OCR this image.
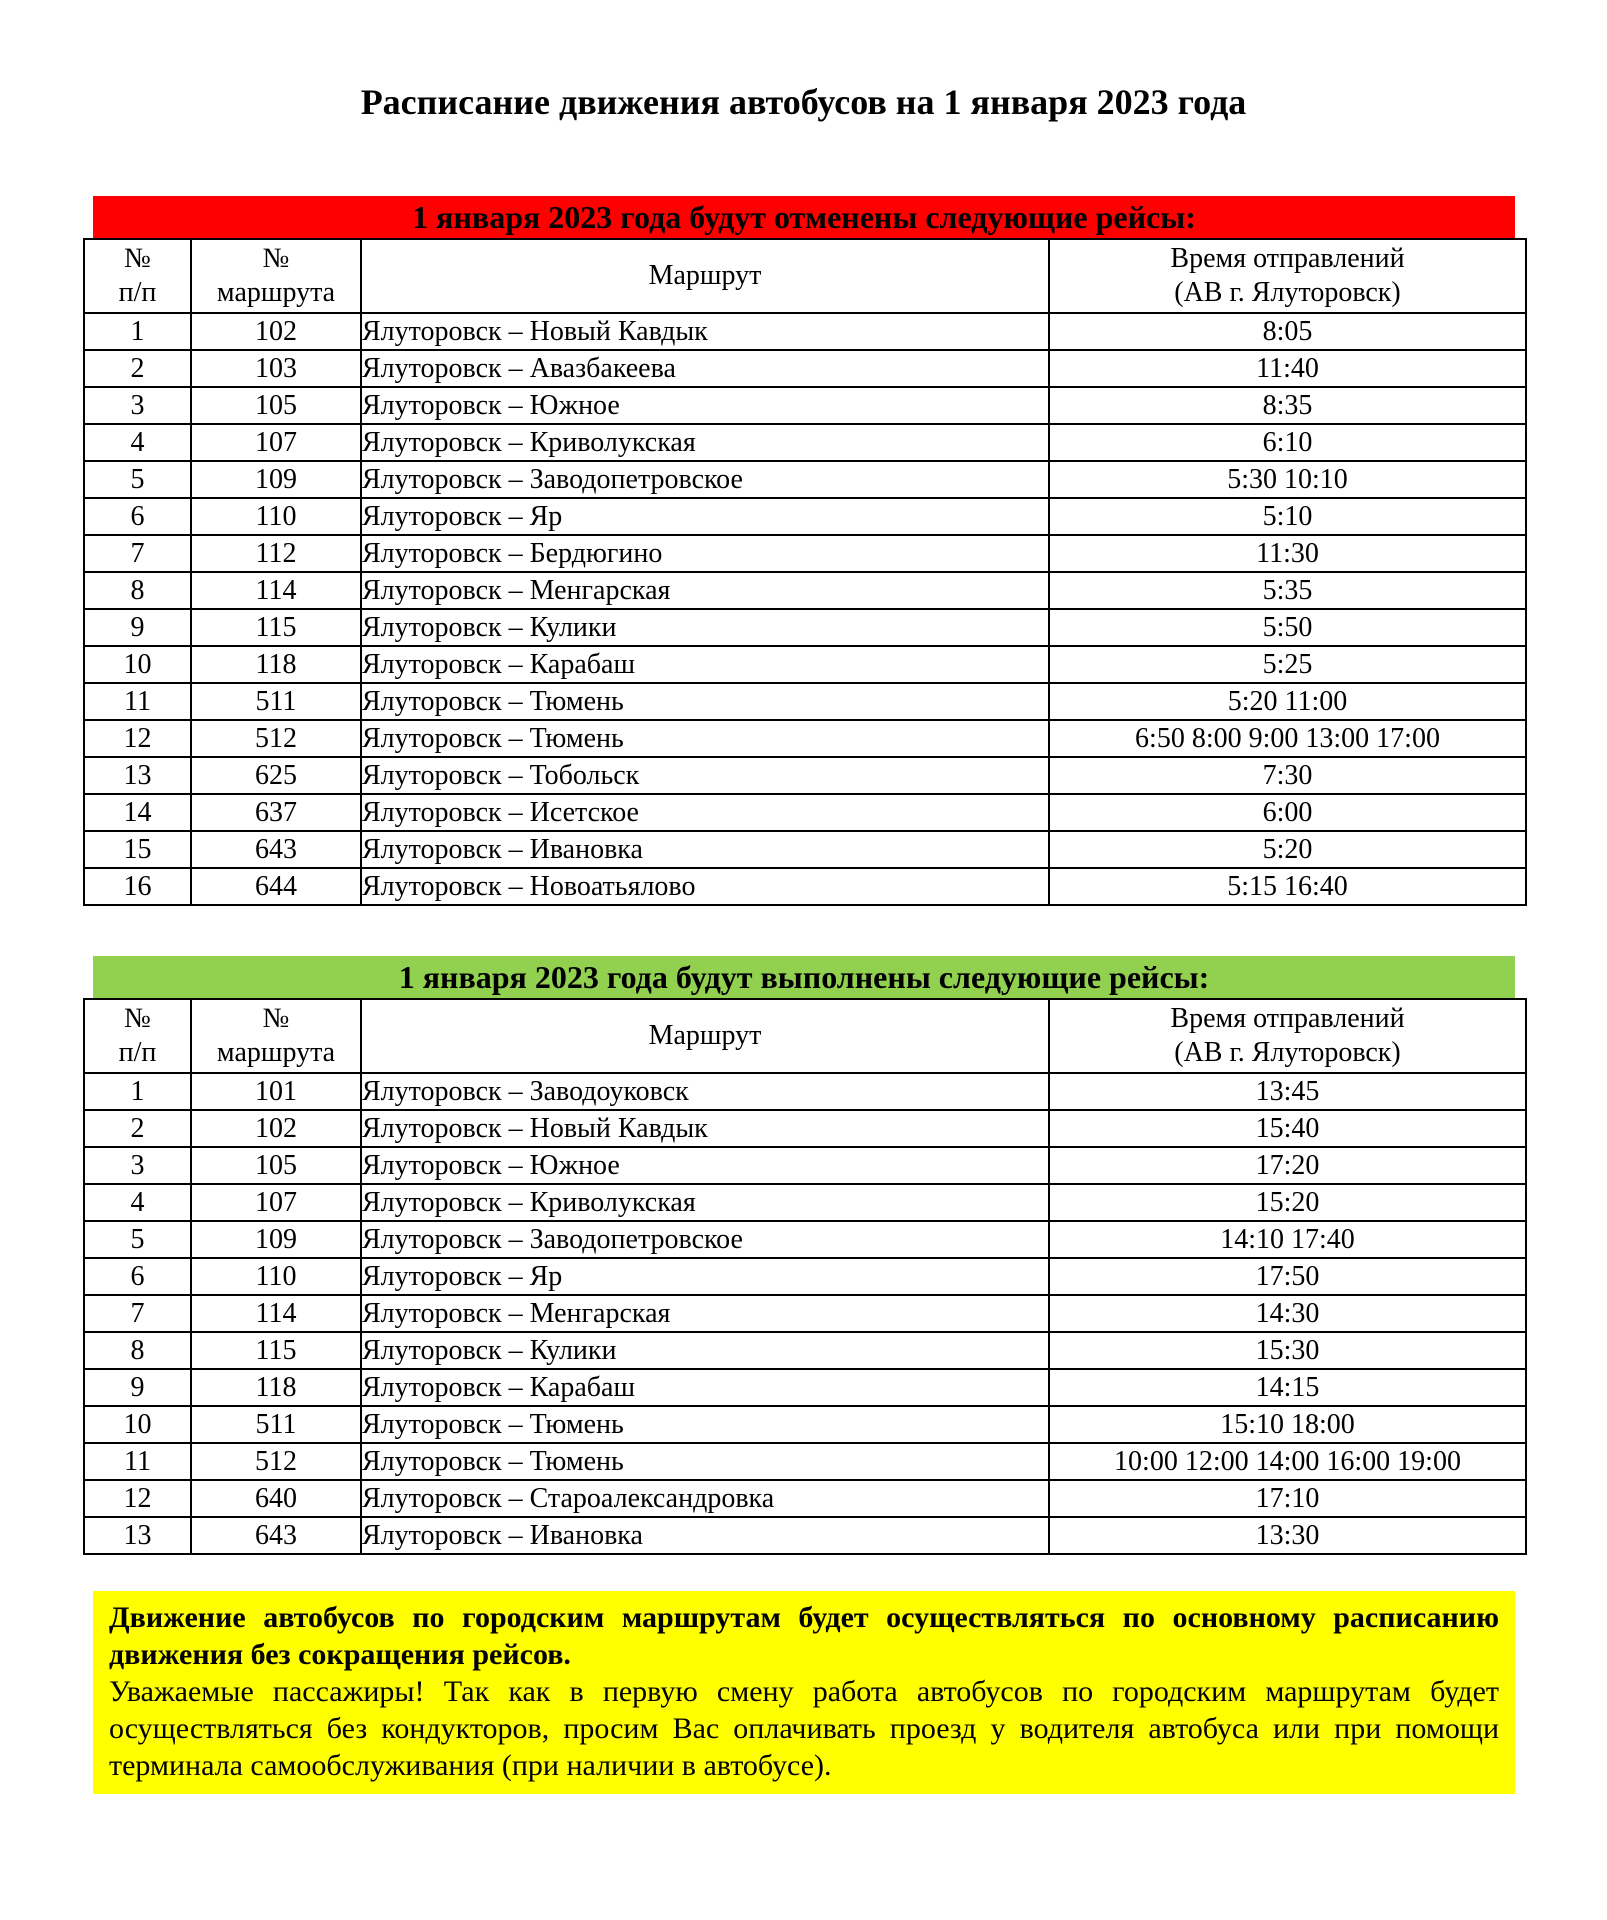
Расписание движения автобусов на 1 января 2023 года
1 января 2023 года будут отменены следующие рейсы:
№
п/п	№
маршрута	Маршрут	Время отправлений
(АВ г. Ялуторовск)

1	102	Ялуторовск – Новый Кавдык	8:05
2	103	Ялуторовск – Авазбакеева	11:40
3	105	Ялуторовск – Южное	8:35
4	107	Ялуторовск – Криволукская	6:10
5	109	Ялуторовск – Заводопетровское	5:30 10:10
6	110	Ялуторовск – Яр	5:10
7	112	Ялуторовск – Бердюгино	11:30
8	114	Ялуторовск – Менгарская	5:35
9	115	Ялуторовск – Кулики	5:50
10	118	Ялуторовск – Карабаш	5:25
11	511	Ялуторовск – Тюмень	5:20 11:00
12	512	Ялуторовск – Тюмень	6:50 8:00 9:00 13:00 17:00
13	625	Ялуторовск – Тобольск	7:30
14	637	Ялуторовск – Исетское	6:00
15	643	Ялуторовск – Ивановка	5:20
16	644	Ялуторовск – Новоатьялово	5:15 16:40
1 января 2023 года будут выполнены следующие рейсы:
№
п/п	№
маршрута	Маршрут	Время отправлений
(АВ г. Ялуторовск)

1	101	Ялуторовск – Заводоуковск	13:45
2	102	Ялуторовск – Новый Кавдык	15:40
3	105	Ялуторовск – Южное	17:20
4	107	Ялуторовск – Криволукская	15:20
5	109	Ялуторовск – Заводопетровское	14:10 17:40
6	110	Ялуторовск – Яр	17:50
7	114	Ялуторовск – Менгарская	14:30
8	115	Ялуторовск – Кулики	15:30
9	118	Ялуторовск – Карабаш	14:15
10	511	Ялуторовск – Тюмень	15:10 18:00
11	512	Ялуторовск – Тюмень	10:00 12:00 14:00 16:00 19:00
12	640	Ялуторовск – Староалександровка	17:10
13	643	Ялуторовск – Ивановка	13:30

Движение автобусов по городским маршрутам будет осуществляться по основному расписанию движения без сокращения рейсов.

Уважаемые пассажиры! Так как в первую смену работа автобусов по городским маршрутам будет осуществляться без кондукторов, просим Вас оплачивать проезд у водителя автобуса или при помощи терминала самообслуживания (при наличии в автобусе).
